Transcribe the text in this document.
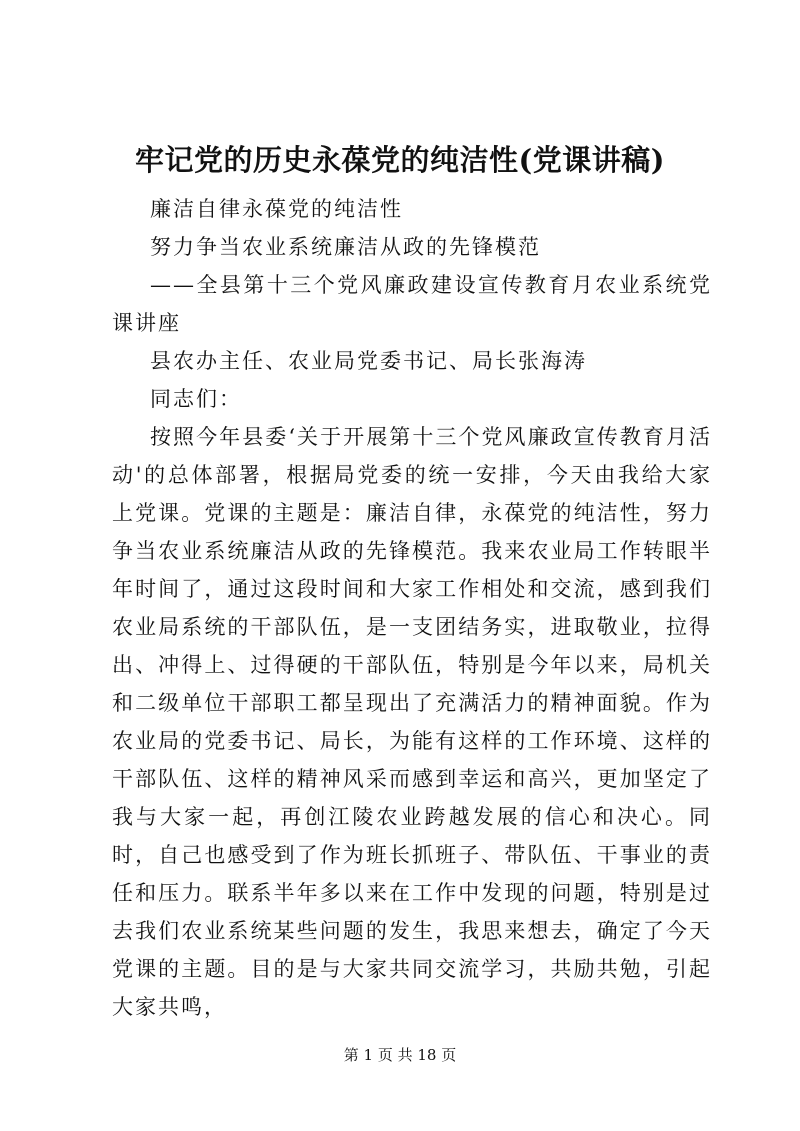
牢记党的历史永葆党的纯洁性(党课讲稿)

廉洁自律永葆党的纯洁性

努力争当农业系统廉洁从政的先锋模范

——全县第十三个党风廉政建设宣传教育月农业系统党课讲座

县农办主任、农业局党委书记、局长张海涛

同志们：

按照今年县委‘关于开展第十三个党风廉政宣传教育月活动'的总体部署，根据局党委的统一安排，今天由我给大家上党课。党课的主题是：廉洁自律，永葆党的纯洁性，努力争当农业系统廉洁从政的先锋模范。我来农业局工作转眼半年时间了，通过这段时间和大家工作相处和交流，感到我们农业局系统的干部队伍，是一支团结务实，进取敬业，拉得出、冲得上、过得硬的干部队伍，特别是今年以来，局机关和二级单位干部职工都呈现出了充满活力的精神面貌。作为农业局的党委书记、局长，为能有这样的工作环境、这样的干部队伍、这样的精神风采而感到幸运和高兴，更加坚定了我与大家一起，再创江陵农业跨越发展的信心和决心。同时，自己也感受到了作为班长抓班子、带队伍、干事业的责任和压力。联系半年多以来在工作中发现的问题，特别是过去我们农业系统某些问题的发生，我思来想去，确定了今天党课的主题。目的是与大家共同交流学习，共励共勉，引起大家共鸣，

第 1 页 共 18 页
